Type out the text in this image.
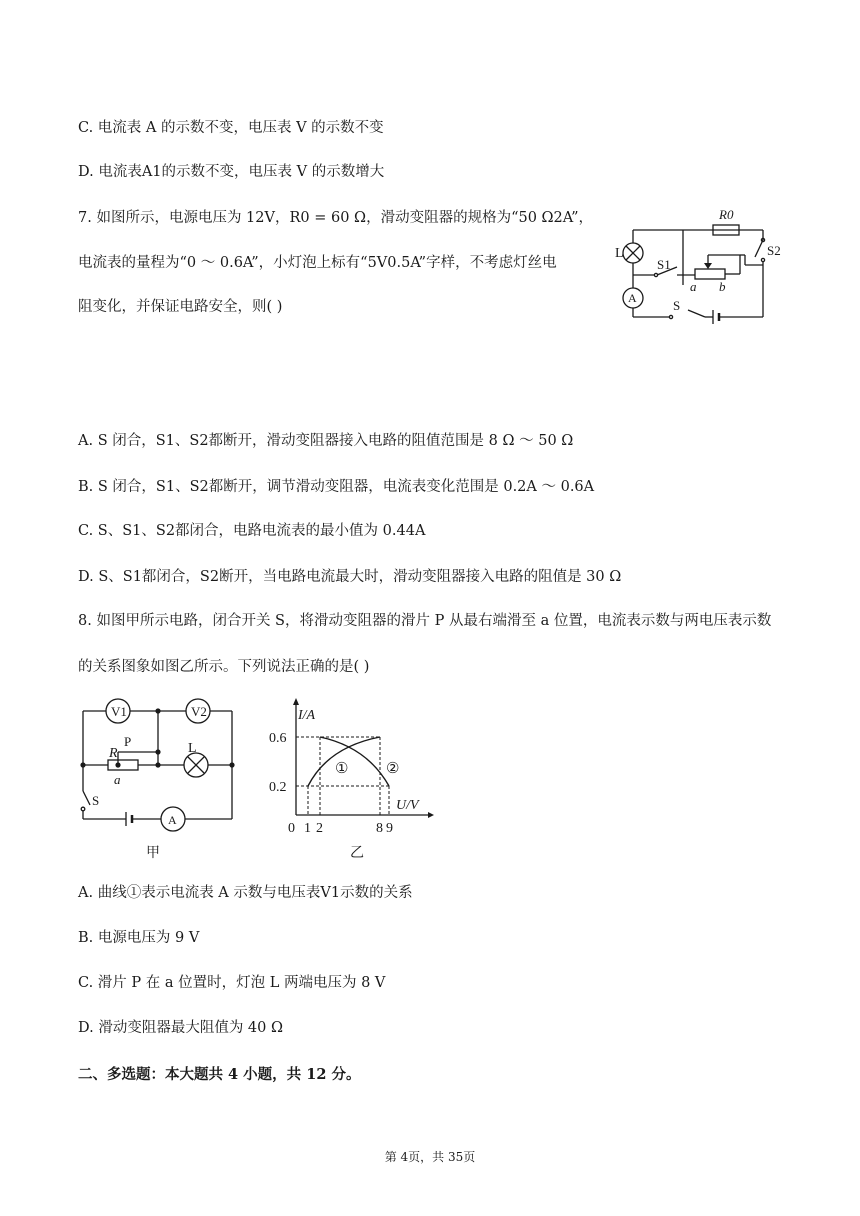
C. 电流表 A 的示数不变，电压表 V 的示数不变
D. 电流表A1的示数不变，电压表 V 的示数增大
7. 如图所示，电源电压为 12V，R0 = 60 Ω，滑动变阻器的规格为“50 Ω2A”，
电流表的量程为“0 ～ 0.6A”，小灯泡上标有“5V0.5A”字样，不考虑灯丝电
阻变化，并保证电路安全，则( )
L
R0
S2
S1
A	S
a b
A. S 闭合，S1、S2都断开，滑动变阻器接入电路的阻值范围是 8 Ω ～ 50 Ω
B. S 闭合，S1、S2都断开，调节滑动变阻器，电流表变化范围是 0.2A ～ 0.6A
C. S、S1、S2都闭合，电路电流表的最小值为 0.44A
D. S、S1都闭合，S2断开，当电路电流最大时，滑动变阻器接入电路的阻值是 30 Ω
8. 如图甲所示电路，闭合开关 S，将滑动变阻器的滑片 P 从最右端滑至 a 位置，电流表示数与两电压表示数
的关系图象如图乙所示。下列说法正确的是( )
V1	V2
R
P
a
L
S
A
甲
I/A
U/V
0.6
0.2
0 1 2	8 9
①	②
乙
A. 曲线①表示电流表 A 示数与电压表V1示数的关系
B. 电源电压为 9 V
C. 滑片 P 在 a 位置时，灯泡 L 两端电压为 8 V
D. 滑动变阻器最大阻值为 40 Ω
二、多选题：本大题共 4 小题，共 12 分。
第 4页，共 35页
